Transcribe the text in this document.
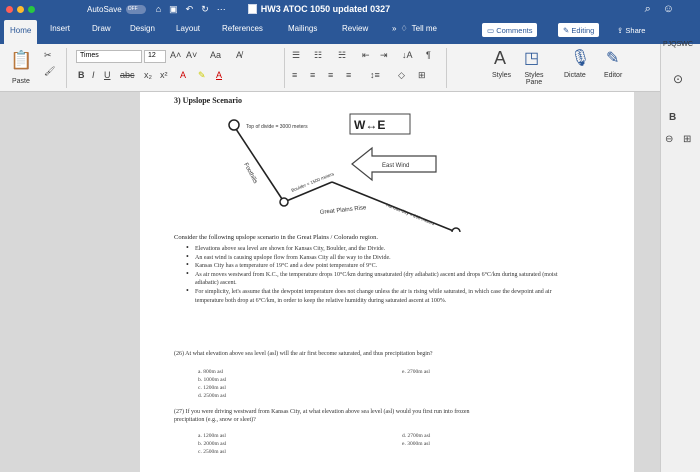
AutoSave	OFF	⌂ ▣ ↶ ↻ ⋯	HW3 ATOC 1050 updated 0327	⌕ ☺
Home	Insert	Draw Design	Layout	References	Mailings	Review	» ♢ Tell me	▭ Comments	✎ Editing	⇪ Share
📋
Paste
✂
🖌
Times	12	A˄ A˅ Aa A̸
B I U abc x₂ x² A ✎ A
☰ ☷ ☵ ⇤ ⇥ ↓A ¶
≡ ≡ ≡ ≡ ↕≡ ◇ ⊞
A
Styles
◳
Styles Pane
🎙
Dictate
✎
Editor
PJQSWC
⊙
B
⊖ ⊞
3) Upslope Scenario
Top of divide = 3000 meters	W↔E
East Wind
Foothills	Boulder = 1500 meters
Kansas City = 200 meters
Great Plains Rise
Consider the following upslope scenario in the Great Plains / Colorado region.
• Elevations above sea level are shown for Kansas City, Boulder, and the Divide.
• An east wind is causing upslope flow from Kansas City all the way to the Divide.
• Kansas City has a temperature of 19°C and a dew point temperature of 9°C.
• As air moves westward from K.C., the temperature drops 10°C/km during unsaturated (dry adiabatic) ascent and drops 6°C/km during saturated (moist adiabatic) ascent.
• For simplicity, let's assume that the dewpoint temperature does not change unless the air is rising while saturated, in which case the dewpoint and air temperature both drop at 6°C/km, in order to keep the relative humidity during saturated ascent at 100%.
(26) At what elevation above sea level (asl) will the air first become saturated, and thus precipitation begin?
a. 800m asl
b. 1000m asl
c. 1200m asl
d. 2500m asl
e. 2700m asl
(27) If you were driving westward from Kansas City, at what elevation above sea level (asl) would you first run into frozen precipitation (e.g., snow or sleet)?
a. 1200m asl
b. 2000m asl
c. 2500m asl
d. 2700m asl
e. 3000m asl
